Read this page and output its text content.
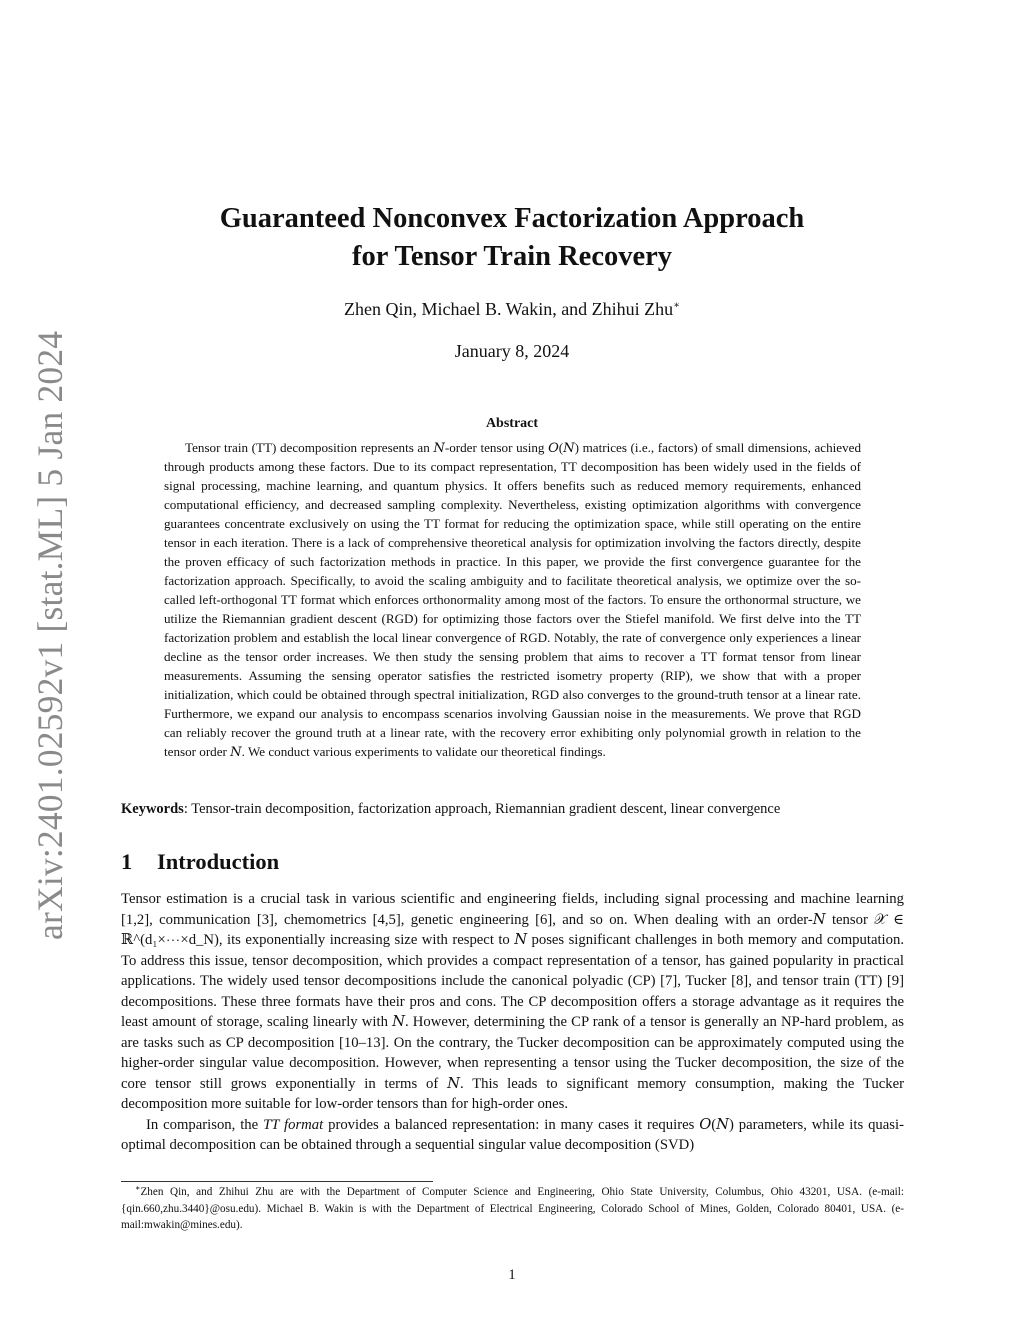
arXiv:2401.02592v1 [stat.ML] 5 Jan 2024
Guaranteed Nonconvex Factorization Approach
for Tensor Train Recovery
Zhen Qin, Michael B. Wakin, and Zhihui Zhu∗
January 8, 2024
Abstract
Tensor train (TT) decomposition represents an 𝑁-order tensor using 𝑂(𝑁) matrices (i.e., factors) of small dimensions, achieved through products among these factors. Due to its compact representation, TT decomposition has been widely used in the fields of signal processing, machine learning, and quantum physics. It offers benefits such as reduced memory requirements, enhanced computational efficiency, and decreased sampling complexity. Nevertheless, existing optimization algorithms with convergence guarantees concentrate exclusively on using the TT format for reducing the optimization space, while still operating on the entire tensor in each iteration. There is a lack of comprehensive theoretical analysis for optimization involving the factors directly, despite the proven efficacy of such factorization methods in practice. In this paper, we provide the first convergence guarantee for the factorization approach. Specifically, to avoid the scaling ambiguity and to facilitate theoretical analysis, we optimize over the so-called left-orthogonal TT format which enforces orthonormality among most of the factors. To ensure the orthonormal structure, we utilize the Riemannian gradient descent (RGD) for optimizing those factors over the Stiefel manifold. We first delve into the TT factorization problem and establish the local linear convergence of RGD. Notably, the rate of convergence only experiences a linear decline as the tensor order increases. We then study the sensing problem that aims to recover a TT format tensor from linear measurements. Assuming the sensing operator satisfies the restricted isometry property (RIP), we show that with a proper initialization, which could be obtained through spectral initialization, RGD also converges to the ground-truth tensor at a linear rate. Furthermore, we expand our analysis to encompass scenarios involving Gaussian noise in the measurements. We prove that RGD can reliably recover the ground truth at a linear rate, with the recovery error exhibiting only polynomial growth in relation to the tensor order 𝑁. We conduct various experiments to validate our theoretical findings.
Keywords: Tensor-train decomposition, factorization approach, Riemannian gradient descent, linear convergence
1 Introduction

Tensor estimation is a crucial task in various scientific and engineering fields, including signal processing and machine learning [1,2], communication [3], chemometrics [4,5], genetic engineering [6], and so on. When dealing with an order-𝑁 tensor 𝒳 ∈ ℝ^(d₁×⋯×d_N), its exponentially increasing size with respect to 𝑁 poses significant challenges in both memory and computation. To address this issue, tensor decomposition, which provides a compact representation of a tensor, has gained popularity in practical applications. The widely used tensor decompositions include the canonical polyadic (CP) [7], Tucker [8], and tensor train (TT) [9] decompositions. These three formats have their pros and cons. The CP decomposition offers a storage advantage as it requires the least amount of storage, scaling linearly with 𝑁. However, determining the CP rank of a tensor is generally an NP-hard problem, as are tasks such as CP decomposition [10–13]. On the contrary, the Tucker decomposition can be approximately computed using the higher-order singular value decomposition. However, when representing a tensor using the Tucker decomposition, the size of the core tensor still grows exponentially in terms of 𝑁. This leads to significant memory consumption, making the Tucker decomposition more suitable for low-order tensors than for high-order ones.

In comparison, the TT format provides a balanced representation: in many cases it requires 𝑂(𝑁) parameters, while its quasi-optimal decomposition can be obtained through a sequential singular value decomposition (SVD)

∗Zhen Qin, and Zhihui Zhu are with the Department of Computer Science and Engineering, Ohio State University, Columbus, Ohio 43201, USA. (e-mail:{qin.660,zhu.3440}@osu.edu). Michael B. Wakin is with the Department of Electrical Engineering, Colorado School of Mines, Golden, Colorado 80401, USA. (e-mail:mwakin@mines.edu).
1
